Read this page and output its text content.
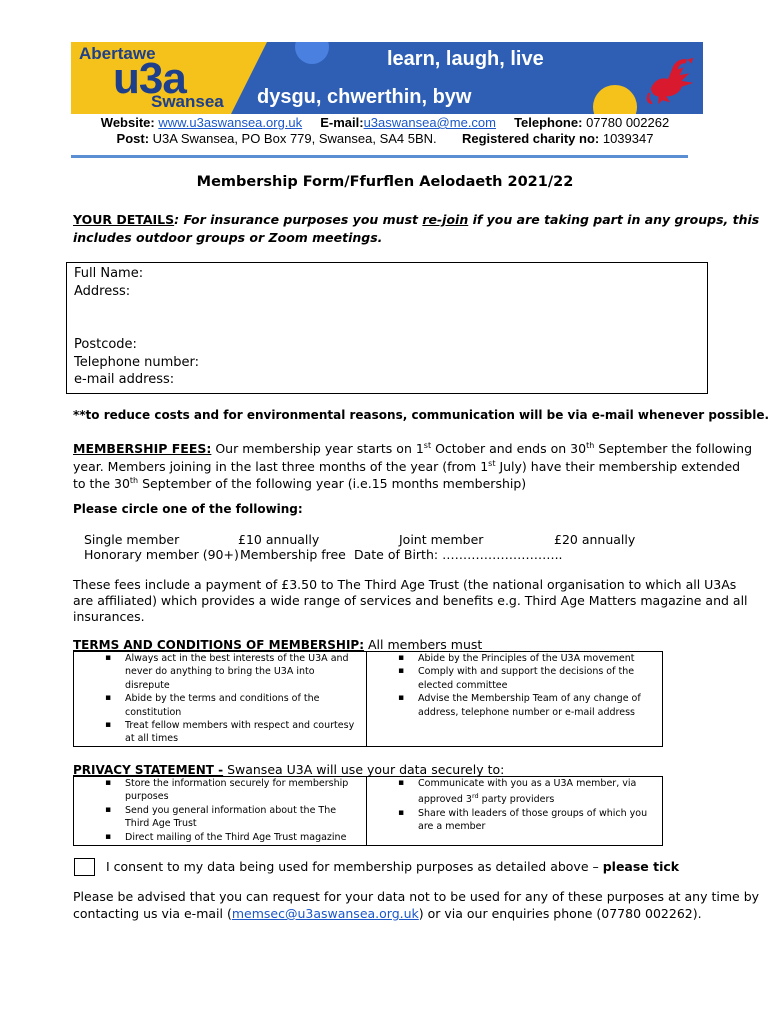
Abertawe
u3a
Swansea
learn, laugh, live
dysgu, chwerthin, byw
Website: www.u3aswansea.org.uk E-mail:u3aswansea@me.com Telephone: 07780 002262
Post: U3A Swansea, PO Box 779, Swansea, SA4 5BN. Registered charity no: 1039347
Membership Form/Ffurflen Aelodaeth 2021/22
YOUR DETAILS: For insurance purposes you must re-join if you are taking part in any groups, this
includes outdoor groups or Zoom meetings.
Full Name:
Address:
Postcode:
Telephone number:
e-mail address:
**to reduce costs and for environmental reasons, communication will be via e-mail whenever possible.
MEMBERSHIP FEES: Our membership year starts on 1st October and ends on 30th September the following
year. Members joining in the last three months of the year (from 1st July) have their membership extended
to the 30th September of the following year (i.e.15 months membership)
Please circle one of the following:
Single member	£10 annually	Joint member	£20 annually
Honorary member (90+) Membership free Date of Birth: ………………………..
These fees include a payment of £3.50 to The Third Age Trust (the national organisation to which all U3As
are affiliated) which provides a wide range of services and benefits e.g. Third Age Matters magazine and all
insurances.
TERMS AND CONDITIONS OF MEMBERSHIP: All members must
▪ Always act in the best interests of the U3A and
never do anything to bring the U3A into
disrepute
▪ Abide by the terms and conditions of the
constitution
▪ Treat fellow members with respect and courtesy
at all times
▪ Abide by the Principles of the U3A movement
▪ Comply with and support the decisions of the
elected committee
▪ Advise the Membership Team of any change of
address, telephone number or e-mail address
PRIVACY STATEMENT - Swansea U3A will use your data securely to:
▪ Store the information securely for membership
purposes
▪ Send you general information about the The
Third Age Trust
▪ Direct mailing of the Third Age Trust magazine
▪ Communicate with you as a U3A member, via
approved 3rd party providers
▪ Share with leaders of those groups of which you
are a member
I consent to my data being used for membership purposes as detailed above – please tick
Please be advised that you can request for your data not to be used for any of these purposes at any time by
contacting us via e-mail (memsec@u3aswansea.org.uk) or via our enquiries phone (07780 002262).
